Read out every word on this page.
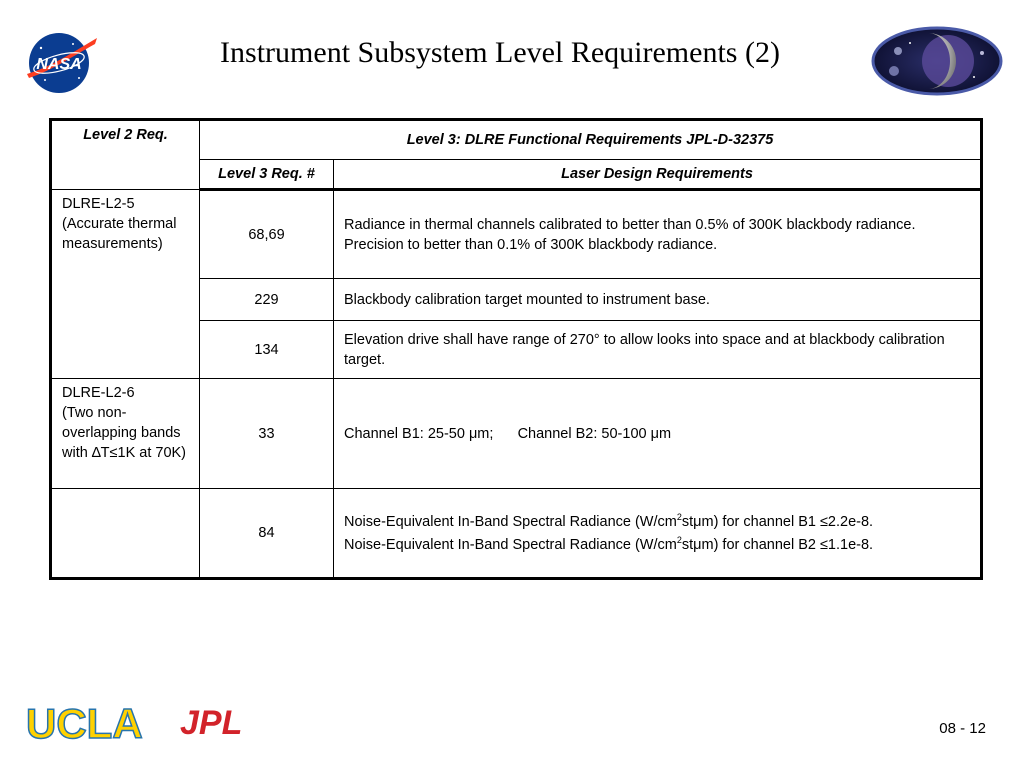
NASA	Instrument Subsystem Level Requirements (2)
Level 2 Req.	Level 3: DLRE Functional Requirements JPL-D-32375	
	Level 3 Req. #	Laser Design Requirements
DLRE-L2-5
(Accurate thermal measurements)	68,69	Radiance in thermal channels calibrated to better than 0.5% of 300K blackbody radiance. Precision to better than 0.1% of 300K blackbody radiance.
	229	Blackbody calibration target mounted to instrument base.
	134	Elevation drive shall have range of 270° to allow looks into space and at blackbody calibration target.
DLRE-L2-6
(Two non-overlapping bands with ∆T≤1K at 70K)	33	Channel B1: 25-50 μm;      Channel B2: 50-100 μm
	84	Noise-Equivalent In-Band Spectral Radiance $(W/cm^2st\mu m)$ for channel B1 ≤2.2e-8.
Noise-Equivalent In-Band Spectral Radiance $(W/cm^2st\mu m)$ for channel B2 ≤1.1e-8.
UCLA JPL	08 - 12
